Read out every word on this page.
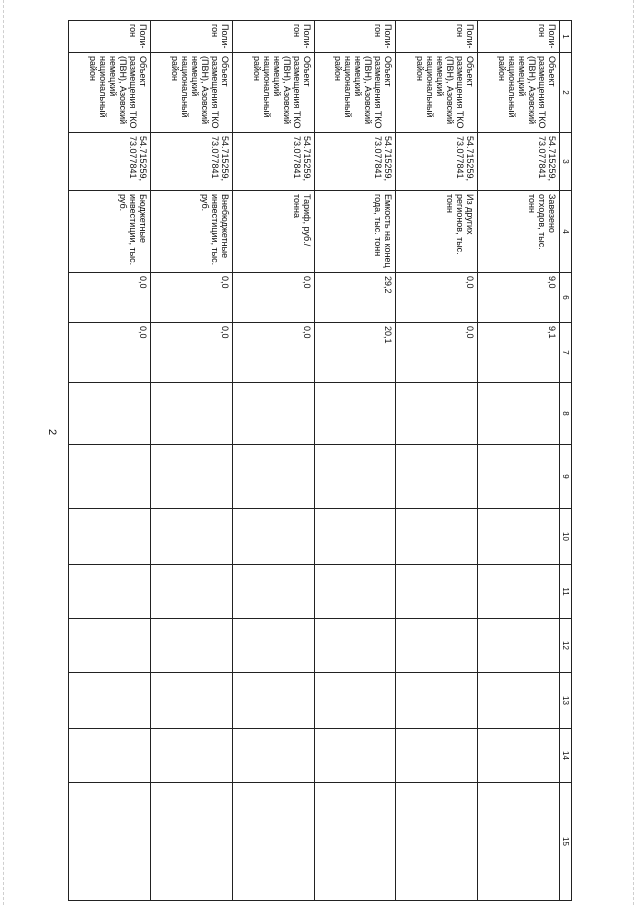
2
1	2	3	4	6	7	8	9	10	11	12	13	14	15
Поли-гон	Объект размещения ТКО (ПВН), Азовский немецкий национальный район	54.715259, 73.077841	Завезено отходов, тыс. тонн	9,0	9,1								
Поли-гон	Объект размещения ТКО (ПВН), Азовский немецкий национальный район	54.715259, 73.077841	Из других регионов, тыс. тонн	0,0	0,0								
Поли-гон	Объект размещения ТКО (ПВН), Азовский немецкий национальный район	54.715259, 73.077841	Емкость на конец года, тыс. тонн	29,2	20,1								
Поли-гон	Объект размещения ТКО (ПВН), Азовский немецкий национальный район	54.715259, 73.077841	Тариф, руб./тонна	0,0	0,0								
Поли-гон	Объект размещения ТКО (ПВН), Азовский немецкий национальный район	54.715259, 73.077841	Внебюджетные инвестиции, тыс. руб.	0,0	0,0								
Поли-гон	Объект размещения ТКО (ПВН), Азовский немецкий национальный район	54.715259, 73.077841	Бюджетные инвестиции, тыс. руб.	0,0	0,0								
